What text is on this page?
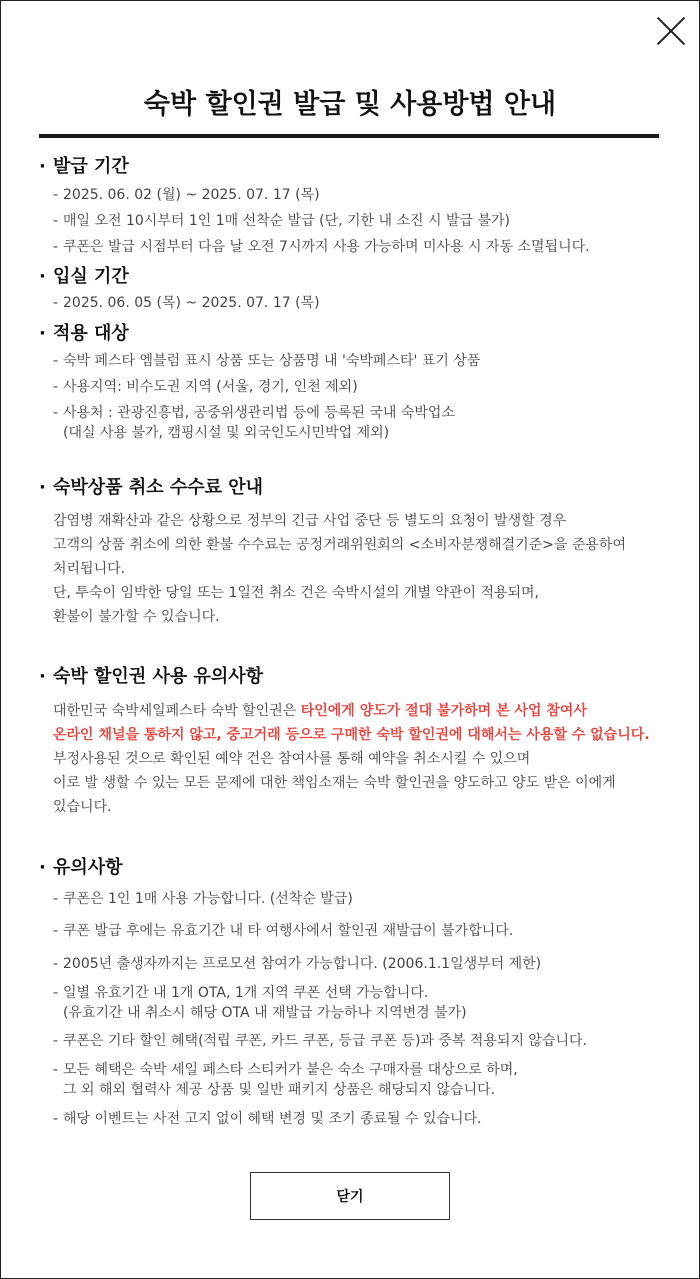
숙박 할인권 발급 및 사용방법 안내
· 발급 기간

- 2025. 06. 02 (월) ~ 2025. 07. 17 (목)

- 매일 오전 10시부터 1인 1매 선착순 발급 (단, 기한 내 소진 시 발급 불가)

- 쿠폰은 발급 시점부터 다음 날 오전 7시까지 사용 가능하며 미사용 시 자동 소멸됩니다.

· 입실 기간

- 2025. 06. 05 (목) ~ 2025. 07. 17 (목)

· 적용 대상

- 숙박 페스타 엠블럼 표시 상품 또는 상품명 내 '숙박페스타' 표기 상품

- 사용지역: 비수도권 지역 (서울, 경기, 인천 제외)

- 사용처 : 관광진흥법, 공중위생관리법 등에 등록된 국내 숙박업소
(대실 사용 불가, 캠핑시설 및 외국인도시민박업 제외)

· 숙박상품 취소 수수료 안내

감염병 재확산과 같은 상황으로 정부의 긴급 사업 중단 등 별도의 요청이 발생할 경우
고객의 상품 취소에 의한 환불 수수료는 공정거래위원회의 <소비자분쟁해결기준>을 준용하여
처리됩니다.
단, 투숙이 임박한 당일 또는 1일전 취소 건은 숙박시설의 개별 약관이 적용되며,
환불이 불가할 수 있습니다.

· 숙박 할인권 사용 유의사항

대한민국 숙박세일페스타 숙박 할인권은 타인에게 양도가 절대 불가하며 본 사업 참여사
온라인 채널을 통하지 않고, 중고거래 등으로 구매한 숙박 할인권에 대해서는 사용할 수 없습니다.
부정사용된 것으로 확인된 예약 건은 참여사를 통해 예약을 취소시킬 수 있으며
이로 발 생할 수 있는 모든 문제에 대한 책임소재는 숙박 할인권을 양도하고 양도 받은 이에게
있습니다.

· 유의사항

- 쿠폰은 1인 1매 사용 가능합니다. (선착순 발급)

- 쿠폰 발급 후에는 유효기간 내 타 여행사에서 할인권 재발급이 불가합니다.

- 2005년 출생자까지는 프로모션 참여가 가능합니다. (2006.1.1일생부터 제한)

- 일별 유효기간 내 1개 OTA, 1개 지역 쿠폰 선택 가능합니다.
(유효기간 내 취소시 해당 OTA 내 재발급 가능하나 지역변경 불가)

- 쿠폰은 기타 할인 혜택(적립 쿠폰, 카드 쿠폰, 등급 쿠폰 등)과 중복 적용되지 않습니다.

- 모든 혜택은 숙박 세일 페스타 스티커가 붙은 숙소 구매자를 대상으로 하며,
그 외 해외 협력사 제공 상품 및 일반 패키지 상품은 해당되지 않습니다.

- 해당 이벤트는 사전 고지 없이 혜택 변경 및 조기 종료될 수 있습니다.

닫기
